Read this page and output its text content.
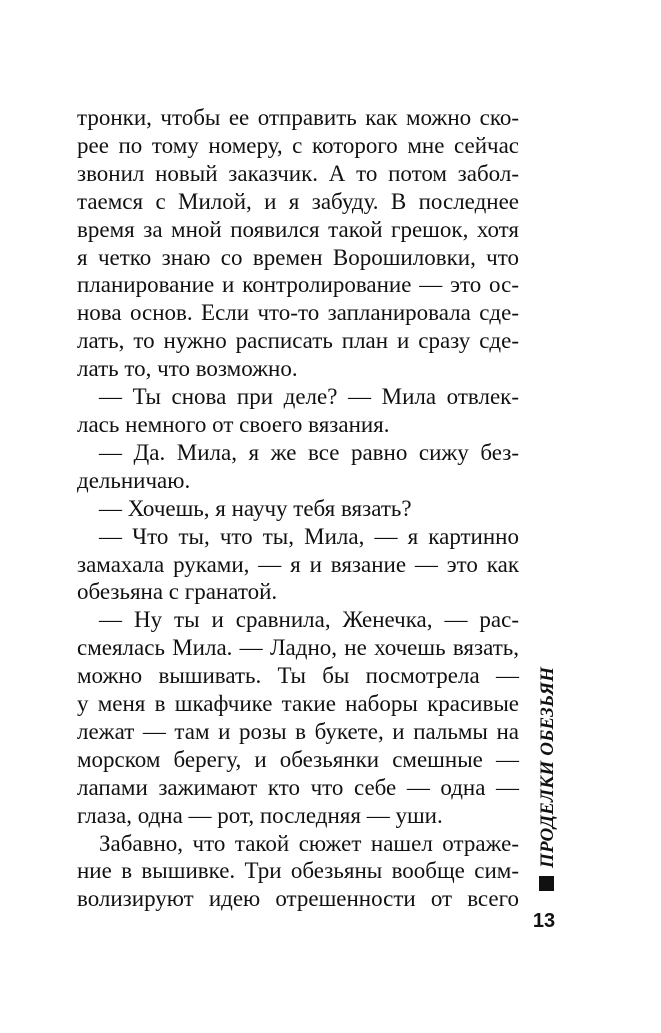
тронки, чтобы ее отправить как можно ско-
рее по тому номеру, с которого мне сейчас
звонил новый заказчик. А то потом забол-
таемся с Милой, и я забуду. В последнее
время за мной появился такой грешок, хотя
я четко знаю со времен Ворошиловки, что
планирование и контролирование — это ос-
нова основ. Если что-то запланировала сде-
лать, то нужно расписать план и сразу сде-
лать то, что возможно.

— Ты снова при деле? — Мила отвлек-
лась немного от своего вязания.

— Да. Мила, я же все равно сижу без-
дельничаю.

— Хочешь, я научу тебя вязать?

— Что ты, что ты, Мила, — я картинно
замахала руками, — я и вязание — это как
обезьяна с гранатой.

— Ну ты и сравнила, Женечка, — рас-
смеялась Мила. — Ладно, не хочешь вязать,
можно вышивать. Ты бы посмотрела —
у меня в шкафчике такие наборы красивые
лежат — там и розы в букете, и пальмы на
морском берегу, и обезьянки смешные —
лапами зажимают кто что себе — одна —
глаза, одна — рот, последняя — уши.

Забавно, что такой сюжет нашел отраже-
ние в вышивке. Три обезьяны вообще сим-
волизируют идею отрешенности от всего

ПРОДЕЛКИ ОБЕЗЬЯН
13
